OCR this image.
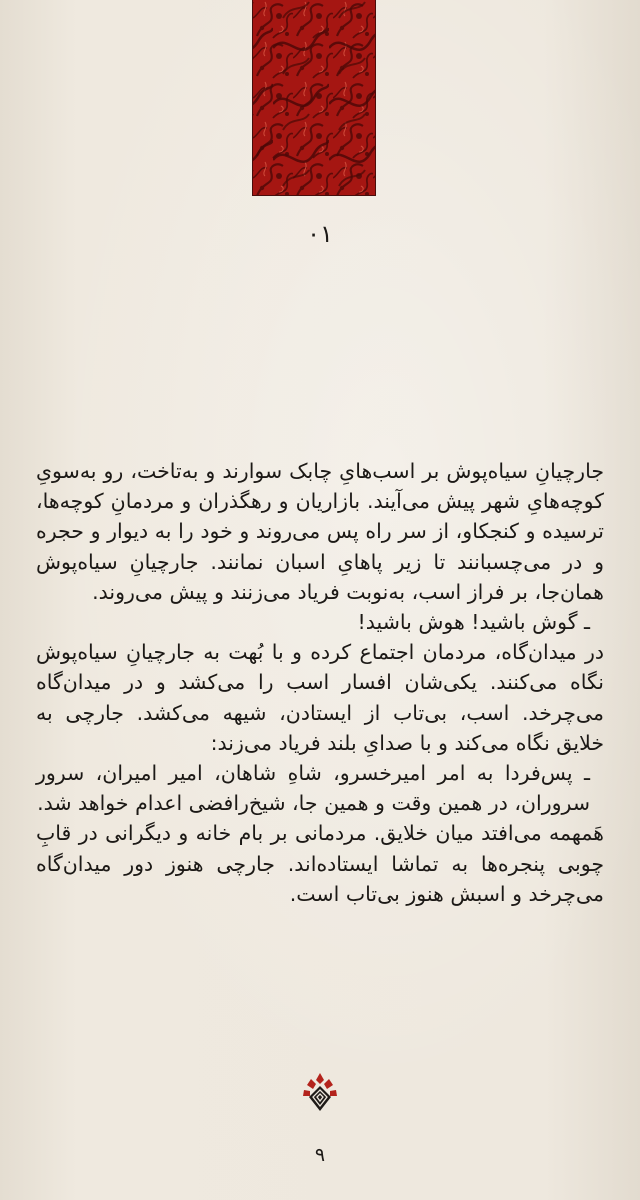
۰۱

جارچیانِ سیاه‌پوش بر اسب‌هایِ چابک سوارند و به‌تاخت، رو به‌سویِ کوچه‌هایِ شهر پیش می‌آیند. بازاریان و رهگذران و مردمانِ کوچه‌ها، ترسیده و کنجکاو، از سر راه پس می‌روند و خود را به دیوار و حجره و در می‌چسبانند تا زیر پاهایِ اسبان نمانند. جارچیانِ سیاه‌پوش همان‌جا، بر فراز اسب، به‌نوبت فریاد می‌زنند و پیش می‌روند.

ـ گوش باشید! هوش باشید!

در میدان‌گاه، مردمان اجتماع کرده و با بُهت به جارچیانِ سیاه‌پوش نگاه می‌کنند. یکی‌شان افسار اسب را می‌کشد و در میدان‌گاه می‌چرخد. اسب، بی‌تاب از ایستادن، شیهه می‌کشد. جارچی به خلایق نگاه می‌کند و با صدایِ بلند فریاد می‌زند:

ـ پس‌فردا به امر امیرخسرو، شاهِ شاهان، امیر امیران، سرور سروران، در همین وقت و همین جا، شیخ‌رافضی اعدام خواهد شد.

هَمهمه می‌افتد میان خلایق. مردمانی بر بام خانه و دیگرانی در قابِ چوبی پنجره‌ها به تماشا ایستاده‌اند. جارچی هنوز دور میدان‌گاه می‌چرخد و اسبش هنوز بی‌تاب است.

۹
